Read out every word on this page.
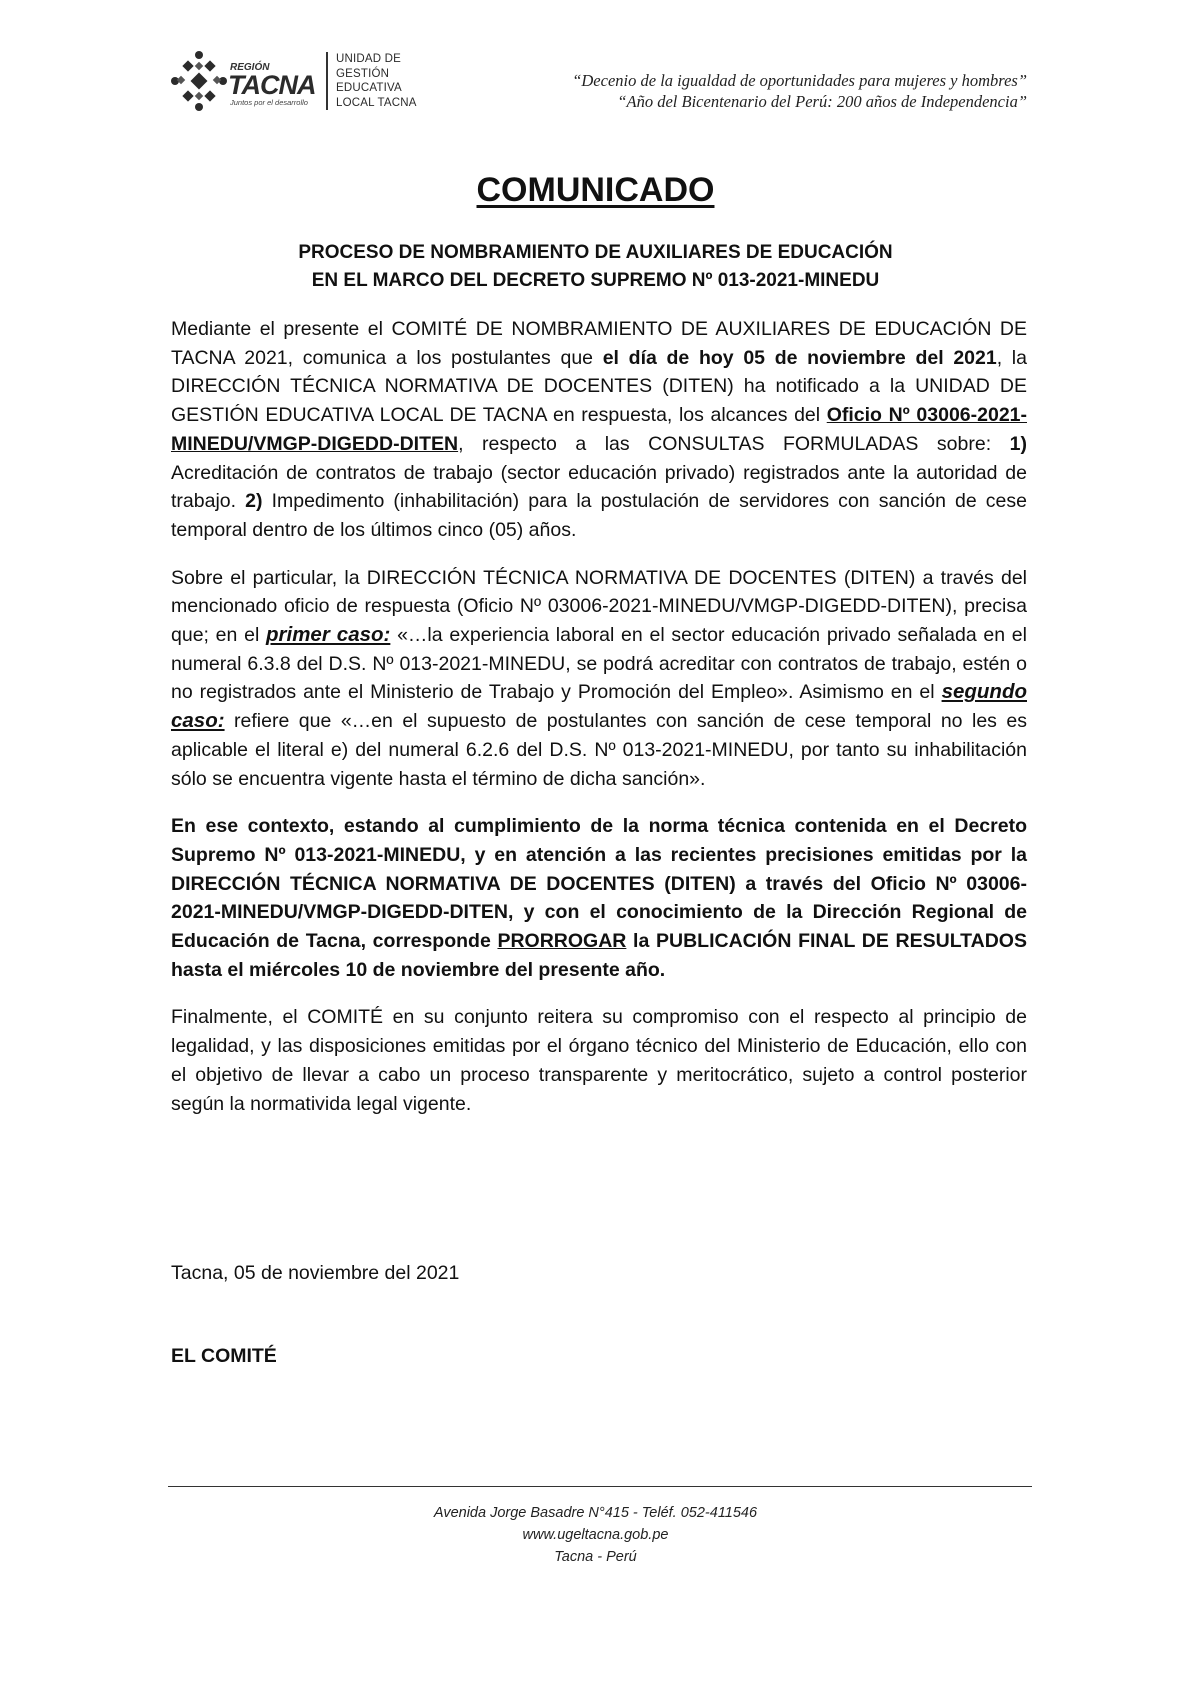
REGIÓN
TACNA
Juntos por el desarrollo
UNIDAD DE
GESTIÓN
EDUCATIVA
LOCAL TACNA
“Decenio de la igualdad de oportunidades para mujeres y hombres”
“Año del Bicentenario del Perú: 200 años de Independencia”
COMUNICADO
PROCESO DE NOMBRAMIENTO DE AUXILIARES DE EDUCACIÓN
EN EL MARCO DEL DECRETO SUPREMO Nº 013-2021-MINEDU

Mediante el presente el COMITÉ DE NOMBRAMIENTO DE AUXILIARES DE EDUCACIÓN DE TACNA 2021, comunica a los postulantes que el día de hoy 05 de noviembre del 2021, la DIRECCIÓN TÉCNICA NORMATIVA DE DOCENTES (DITEN) ha notificado a la UNIDAD DE GESTIÓN EDUCATIVA LOCAL DE TACNA en respuesta, los alcances del Oficio Nº 03006-2021-MINEDU/VMGP-DIGEDD-DITEN, respecto a las CONSULTAS FORMULADAS sobre: 1) Acreditación de contratos de trabajo (sector educación privado) registrados ante la autoridad de trabajo. 2) Impedimento (inhabilitación) para la postulación de servidores con sanción de cese temporal dentro de los últimos cinco (05) años.

Sobre el particular, la DIRECCIÓN TÉCNICA NORMATIVA DE DOCENTES (DITEN) a través del mencionado oficio de respuesta (Oficio Nº 03006-2021-MINEDU/VMGP-DIGEDD-DITEN), precisa que; en el primer caso: «…la experiencia laboral en el sector educación privado señalada en el numeral 6.3.8 del D.S. Nº 013-2021-MINEDU, se podrá acreditar con contratos de trabajo, estén o no registrados ante el Ministerio de Trabajo y Promoción del Empleo». Asimismo en el segundo caso: refiere que «…en el supuesto de postulantes con sanción de cese temporal no les es aplicable el literal e) del numeral 6.2.6 del D.S. Nº 013-2021-MINEDU, por tanto su inhabilitación sólo se encuentra vigente hasta el término de dicha sanción».

En ese contexto, estando al cumplimiento de la norma técnica contenida en el Decreto Supremo Nº 013-2021-MINEDU, y en atención a las recientes precisiones emitidas por la DIRECCIÓN TÉCNICA NORMATIVA DE DOCENTES (DITEN) a través del Oficio Nº 03006-2021-MINEDU/VMGP-DIGEDD-DITEN, y con el conocimiento de la Dirección Regional de Educación de Tacna, corresponde PRORROGAR la PUBLICACIÓN FINAL DE RESULTADOS hasta el miércoles 10 de noviembre del presente año.

Finalmente, el COMITÉ en su conjunto reitera su compromiso con el respecto al principio de legalidad, y las disposiciones emitidas por el órgano técnico del Ministerio de Educación, ello con el objetivo de llevar a cabo un proceso transparente y meritocrático, sujeto a control posterior según la normativida legal vigente.

Tacna, 05 de noviembre del 2021
EL COMITÉ
Avenida Jorge Basadre N°415 - Teléf. 052-411546
www.ugeltacna.gob.pe
Tacna - Perú
